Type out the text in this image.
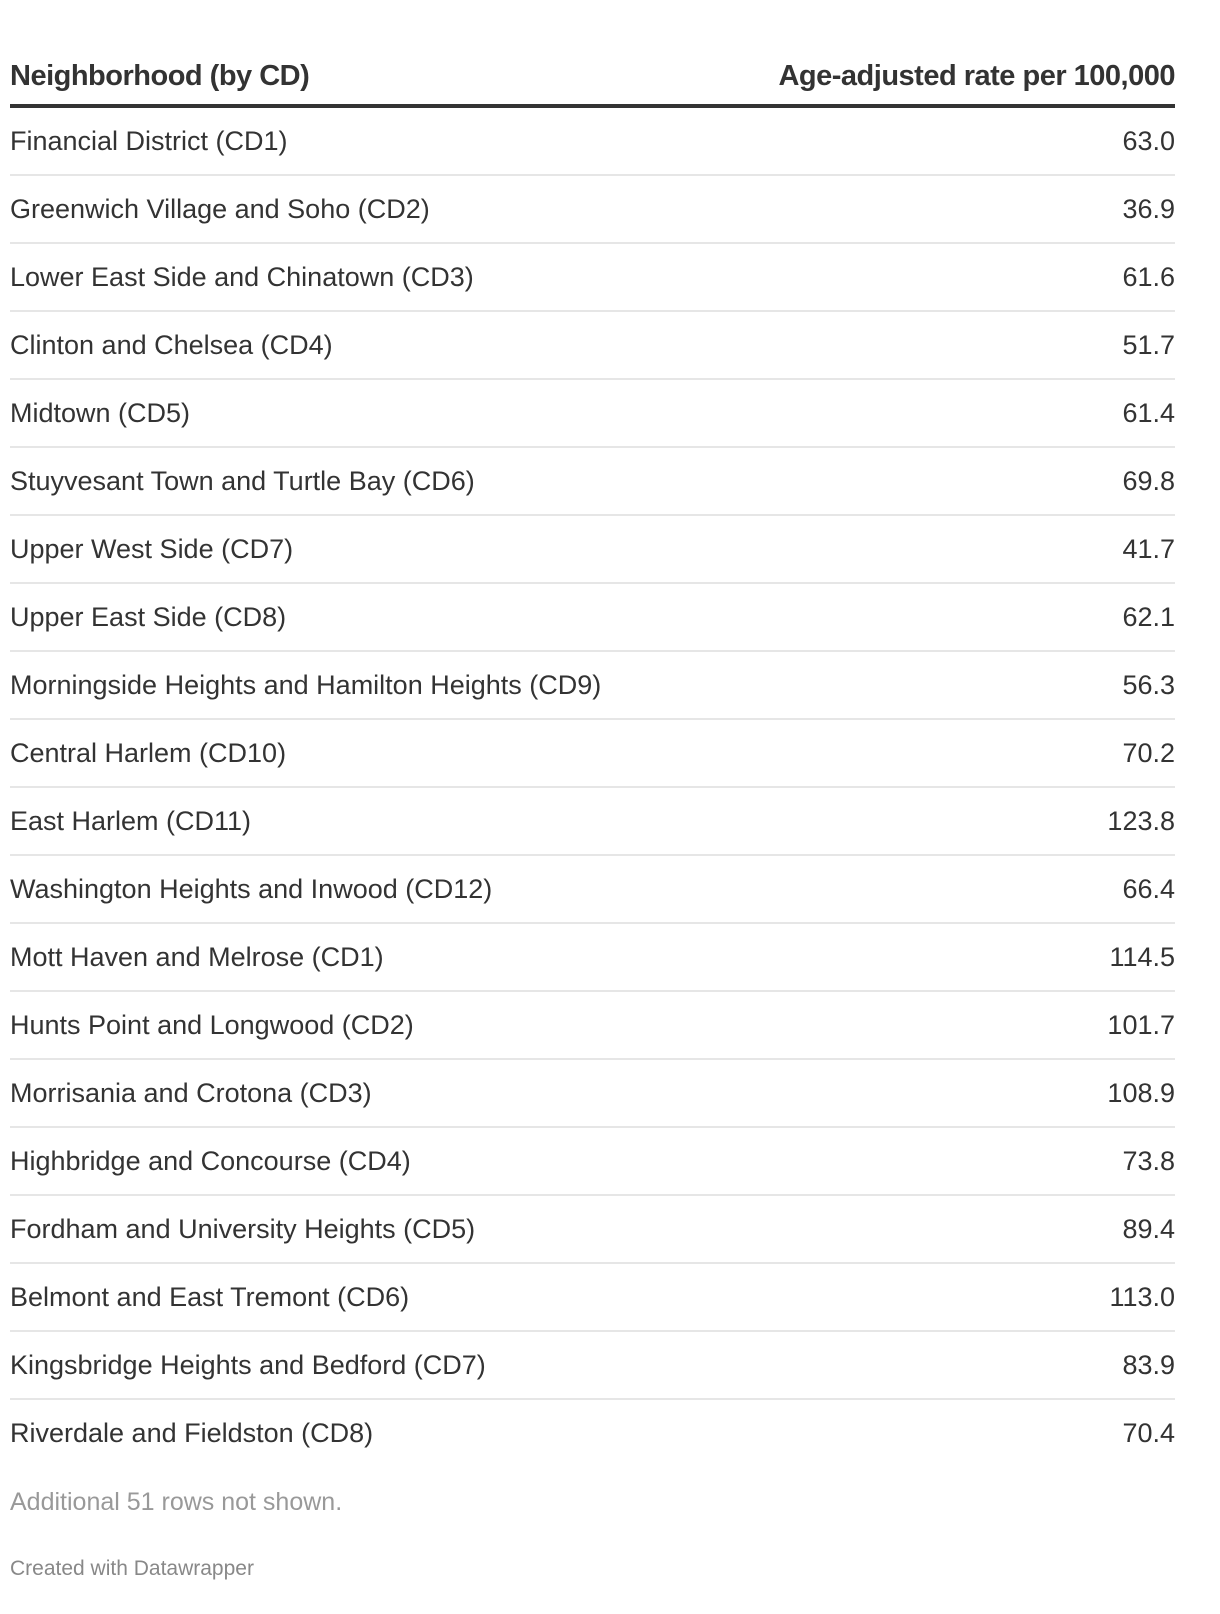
Neighborhood (by CD)	Age-adjusted rate per 100,000
Financial District (CD1)	63.0
Greenwich Village and Soho (CD2)	36.9
Lower East Side and Chinatown (CD3)	61.6
Clinton and Chelsea (CD4)	51.7
Midtown (CD5)	61.4
Stuyvesant Town and Turtle Bay (CD6)	69.8
Upper West Side (CD7)	41.7
Upper East Side (CD8)	62.1
Morningside Heights and Hamilton Heights (CD9)	56.3
Central Harlem (CD10)	70.2
East Harlem (CD11)	123.8
Washington Heights and Inwood (CD12)	66.4
Mott Haven and Melrose (CD1)	114.5
Hunts Point and Longwood (CD2)	101.7
Morrisania and Crotona (CD3)	108.9
Highbridge and Concourse (CD4)	73.8
Fordham and University Heights (CD5)	89.4
Belmont and East Tremont (CD6)	113.0
Kingsbridge Heights and Bedford (CD7)	83.9
Riverdale and Fieldston (CD8)	70.4
Additional 51 rows not shown.
Created with Datawrapper
